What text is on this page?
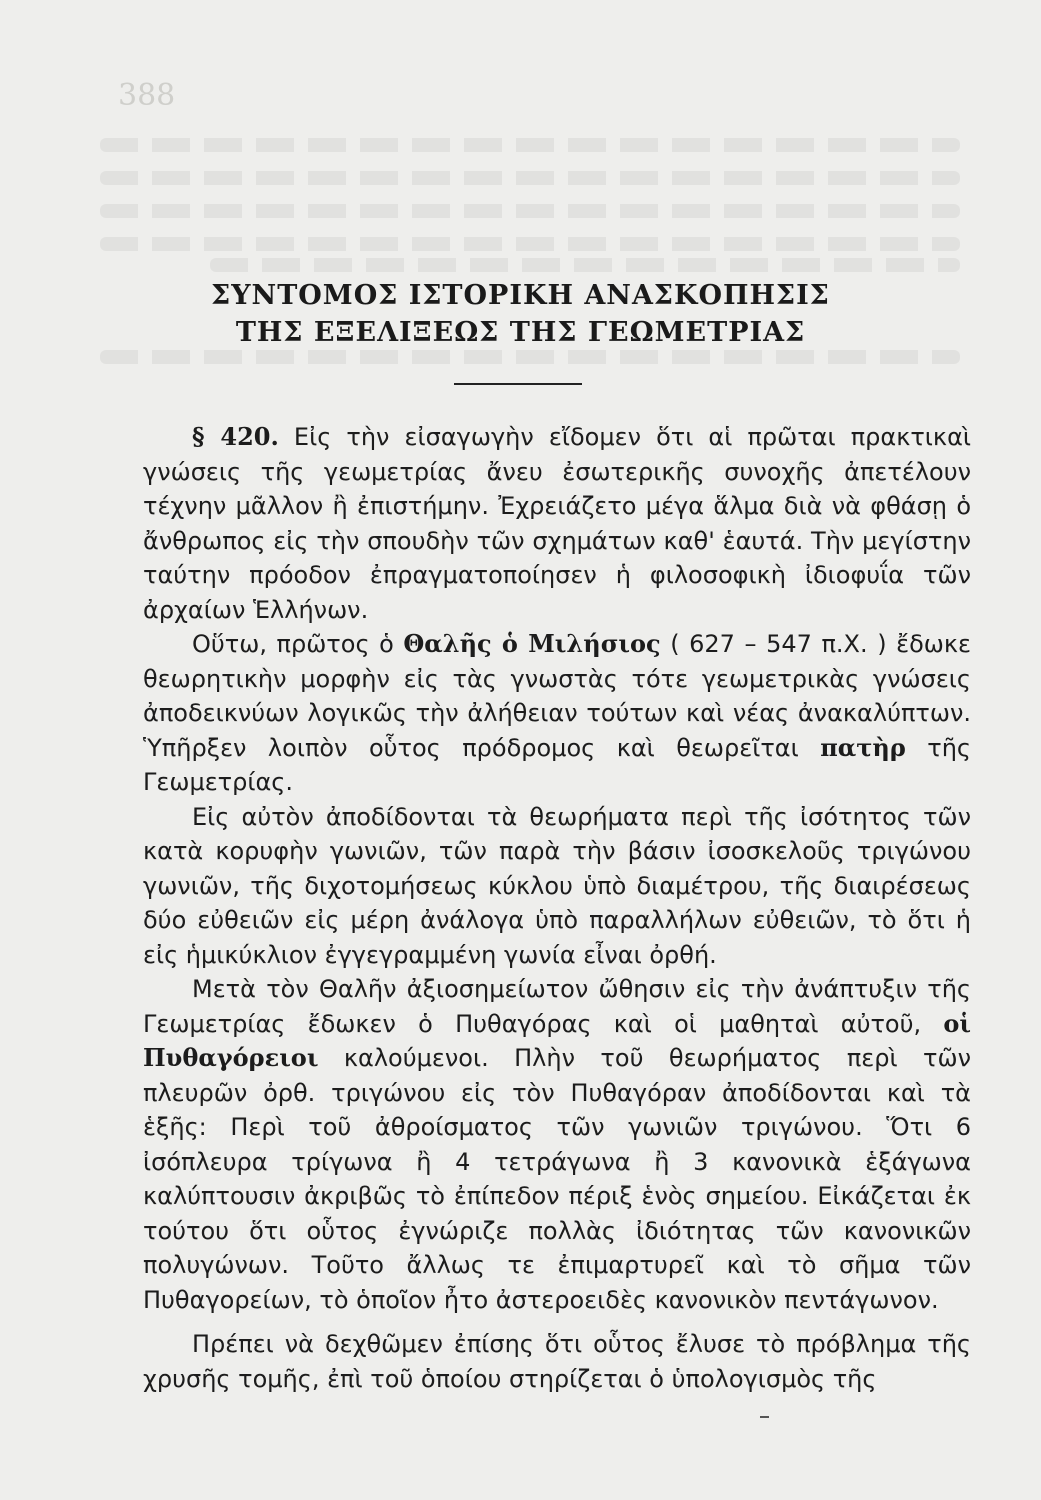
388
ΣΥΝΤΟΜΟΣ ΙΣΤΟΡΙΚΗ ΑΝΑΣΚΟΠΗΣΙΣ
ΤΗΣ ΕΞΕΛΙΞΕΩΣ ΤΗΣ ΓΕΩΜΕΤΡΙΑΣ

§ 420. Εἰς τὴν εἰσαγωγὴν εἴδομεν ὅτι αἱ πρῶται πρακτικαὶ γνώσεις τῆς γεωμετρίας ἄνευ ἐσωτερικῆς συνοχῆς ἀπετέλουν τέχνην μᾶλλον ἢ ἐπιστήμην. Ἐχρειάζετο μέγα ἅλμα διὰ νὰ φθάσῃ ὁ ἄνθρωπος εἰς τὴν σπουδὴν τῶν σχημάτων καθ' ἑαυτά. Τὴν μεγίστην ταύτην πρόοδον ἐπραγματοποίησεν ἡ φιλοσοφικὴ ἰδιοφυΐα τῶν ἀρχαίων Ἑλλήνων.

Οὕτω, πρῶτος ὁ Θαλῆς ὁ Μιλήσιος ( 627 – 547 π.Χ. ) ἔδωκε θεωρητικὴν μορφὴν εἰς τὰς γνωστὰς τότε γεωμετρικὰς γνώσεις ἀποδεικνύων λογικῶς τὴν ἀλήθειαν τούτων καὶ νέας ἀνακαλύπτων. Ὑπῆρξεν λοιπὸν οὗτος πρόδρομος καὶ θεωρεῖται πατὴρ τῆς Γεωμετρίας.

Εἰς αὐτὸν ἀποδίδονται τὰ θεωρήματα περὶ τῆς ἰσότητος τῶν κατὰ κορυφὴν γωνιῶν, τῶν παρὰ τὴν βάσιν ἰσοσκελοῦς τριγώνου γωνιῶν, τῆς διχοτομήσεως κύκλου ὑπὸ διαμέτρου, τῆς διαιρέσεως δύο εὐθειῶν εἰς μέρη ἀνάλογα ὑπὸ παραλλήλων εὐθειῶν, τὸ ὅτι ἡ εἰς ἡμικύκλιον ἐγγεγραμμένη γωνία εἶναι ὀρθή.

Μετὰ τὸν Θαλῆν ἀξιοσημείωτον ὤθησιν εἰς τὴν ἀνάπτυξιν τῆς Γεωμετρίας ἔδωκεν ὁ Πυθαγόρας καὶ οἱ μαθηταὶ αὐτοῦ, οἱ Πυθαγόρειοι καλούμενοι. Πλὴν τοῦ θεωρήματος περὶ τῶν πλευρῶν ὀρθ. τριγώνου εἰς τὸν Πυθαγόραν ἀποδίδονται καὶ τὰ ἑξῆς: Περὶ τοῦ ἀθροίσματος τῶν γωνιῶν τριγώνου. Ὅτι 6 ἰσόπλευρα τρίγωνα ἢ 4 τετράγωνα ἢ 3 κανονικὰ ἑξάγωνα καλύπτουσιν ἀκριβῶς τὸ ἐπίπεδον πέριξ ἑνὸς σημείου. Εἰκάζεται ἐκ τούτου ὅτι οὗτος ἐγνώριζε πολλὰς ἰδιότητας τῶν κανονικῶν πολυγώνων. Τοῦτο ἄλλως τε ἐπιμαρτυρεῖ καὶ τὸ σῆμα τῶν Πυθαγορείων, τὸ ὁποῖον ἦτο ἀστεροειδὲς κανονικὸν πεντάγωνον.

Πρέπει νὰ δεχθῶμεν ἐπίσης ὅτι οὗτος ἔλυσε τὸ πρόβλημα τῆς χρυσῆς τομῆς, ἐπὶ τοῦ ὁποίου στηρίζεται ὁ ὑπολογισμὸς τῆς
